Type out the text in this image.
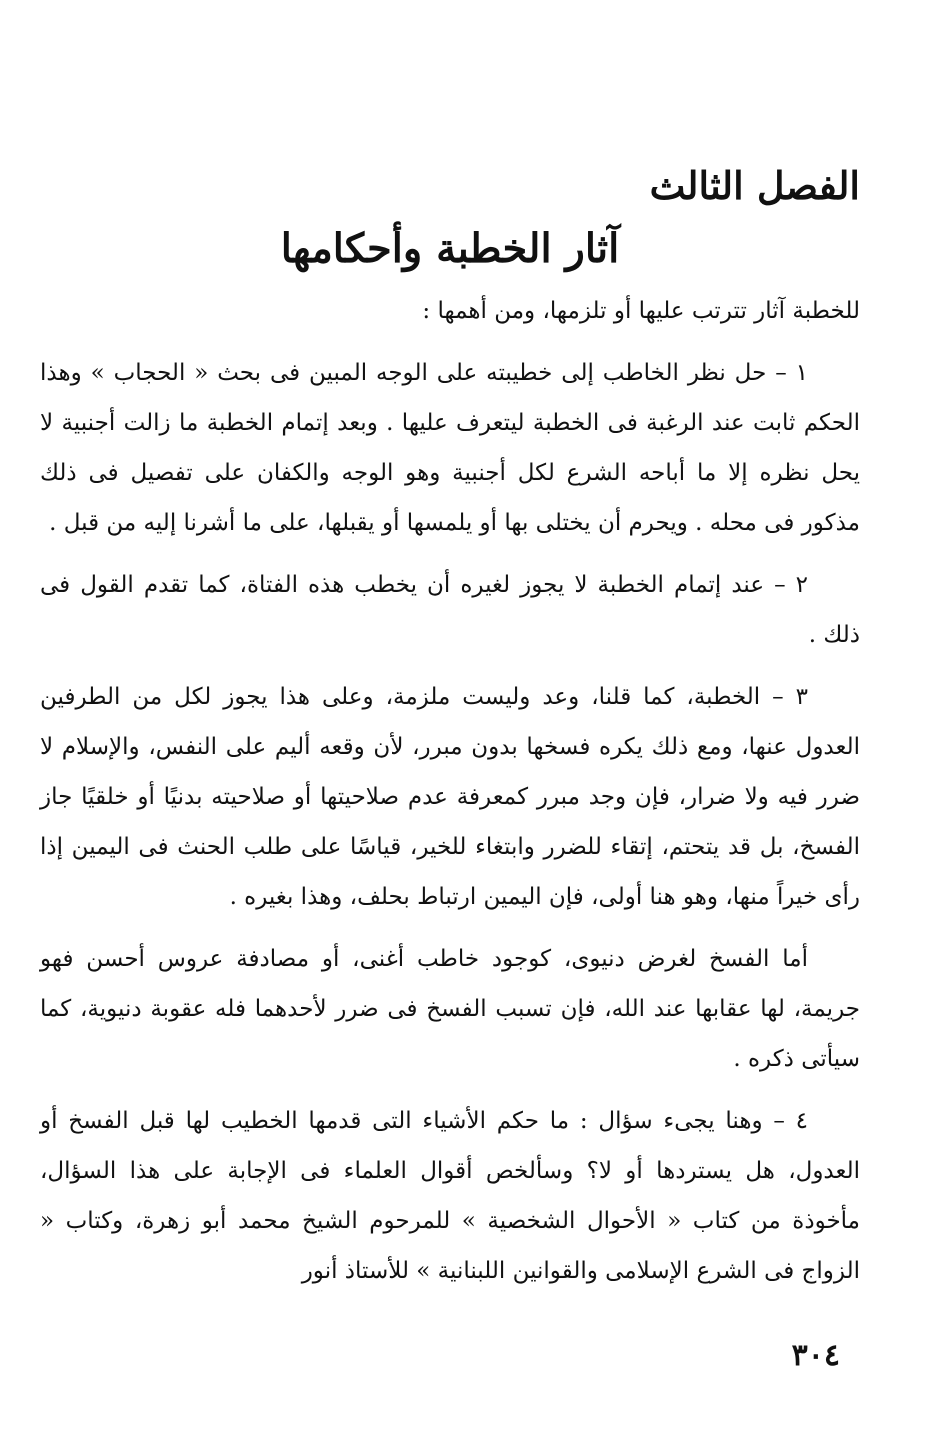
الفصل الثالث
آثار الخطبة وأحكامها

للخطبة آثار تترتب عليها أو تلزمها، ومن أهمها :

١ – حل نظر الخاطب إلى خطيبته على الوجه المبين فى بحث « الحجاب » وهذا الحكم ثابت عند الرغبة فى الخطبة ليتعرف عليها . وبعد إتمام الخطبة ما زالت أجنبية لا يحل نظره إلا ما أباحه الشرع لكل أجنبية وهو الوجه والكفان على تفصيل فى ذلك مذكور فى محله . ويحرم أن يختلى بها أو يلمسها أو يقبلها، على ما أشرنا إليه من قبل .

٢ – عند إتمام الخطبة لا يجوز لغيره أن يخطب هذه الفتاة، كما تقدم القول فى ذلك .

٣ – الخطبة، كما قلنا، وعد وليست ملزمة، وعلى هذا يجوز لكل من الطرفين العدول عنها، ومع ذلك يكره فسخها بدون مبرر، لأن وقعه أليم على النفس، والإسلام لا ضرر فيه ولا ضرار، فإن وجد مبرر كمعرفة عدم صلاحيتها أو صلاحيته بدنيًا أو خلقيًا جاز الفسخ، بل قد يتحتم، إتقاء للضرر وابتغاء للخير، قياسًا على طلب الحنث فى اليمين إذا رأى خيراً منها، وهو هنا أولى، فإن اليمين ارتباط بحلف، وهذا بغيره .

أما الفسخ لغرض دنيوى، كوجود خاطب أغنى، أو مصادفة عروس أحسن فهو جريمة، لها عقابها عند الله، فإن تسبب الفسخ فى ضرر لأحدهما فله عقوبة دنيوية، كما سيأتى ذكره .

٤ – وهنا يجىء سؤال : ما حكم الأشياء التى قدمها الخطيب لها قبل الفسخ أو العدول، هل يستردها أو لا؟ وسألخص أقوال العلماء فى الإجابة على هذا السؤال، مأخوذة من كتاب « الأحوال الشخصية » للمرحوم الشيخ محمد أبو زهرة، وكتاب « الزواج فى الشرع الإسلامى والقوانين اللبنانية » للأستاذ أنور

٣٠٤
